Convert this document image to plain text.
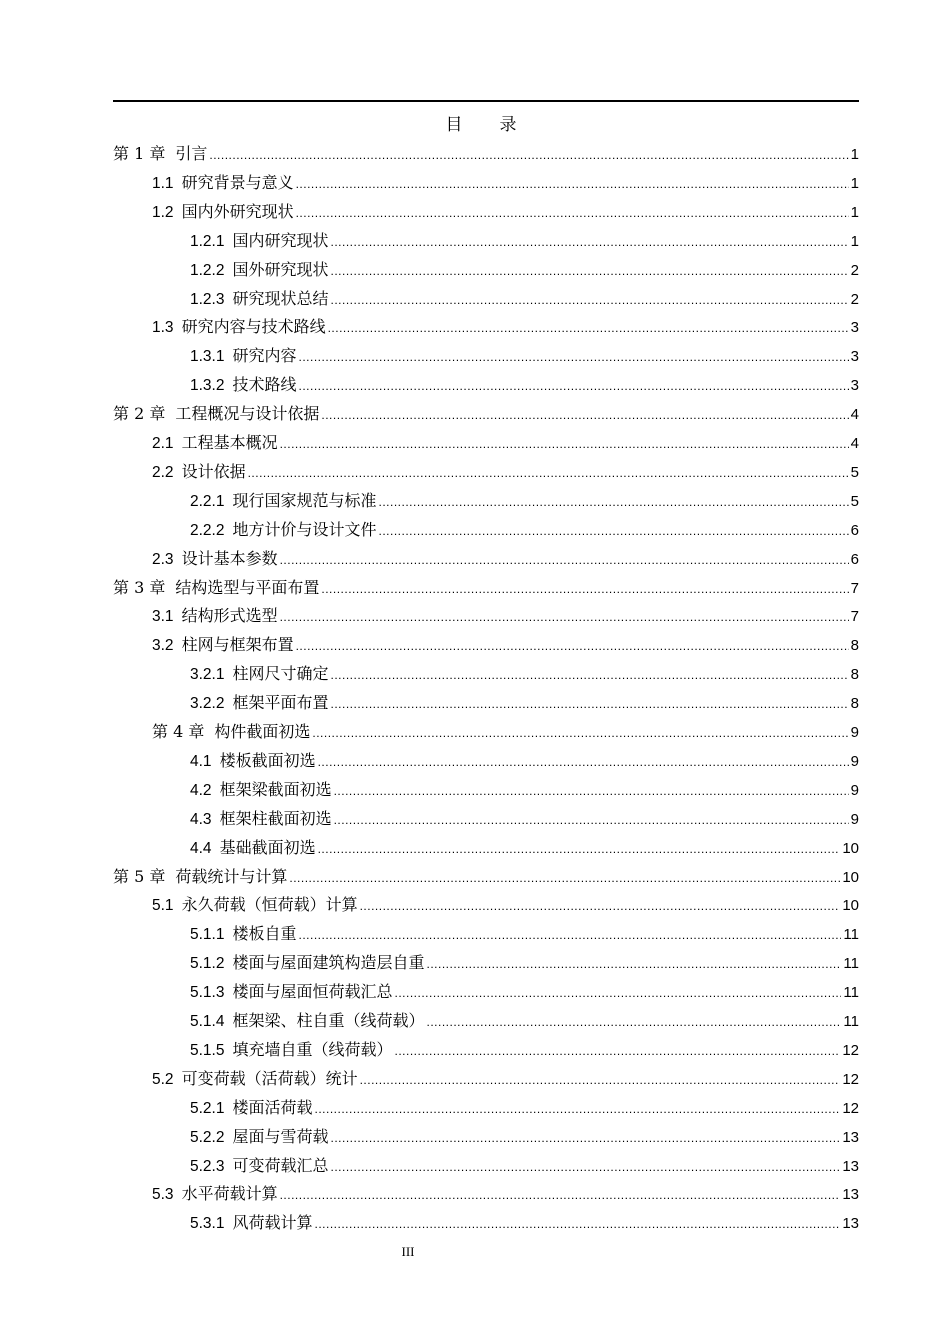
目　录
第 1 章 引言 .....	1
1.1 研究背景与意义 .....	1
1.2 国内外研究现状 .....	1
1.2.1 国内研究现状 .....	1
1.2.2 国外研究现状 .....	2
1.2.3 研究现状总结 .....	2
1.3 研究内容与技术路线 .....	3
1.3.1 研究内容 .....	3
1.3.2 技术路线 .....	3
第 2 章 工程概况与设计依据 .....	4
2.1 工程基本概况 .....	4
2.2 设计依据 .....	5
2.2.1 现行国家规范与标准 .....	5
2.2.2 地方计价与设计文件 .....	6
2.3 设计基本参数 .....	6
第 3 章 结构选型与平面布置 .....	7
3.1 结构形式选型 .....	7
3.2 柱网与框架布置 .....	8
3.2.1 柱网尺寸确定 .....	8
3.2.2 框架平面布置 .....	8
第 4 章 构件截面初选 .....	9
4.1 楼板截面初选 .....	9
4.2 框架梁截面初选 .....	9
4.3 框架柱截面初选 .....	9
4.4 基础截面初选 .....	10
第 5 章 荷载统计与计算 .....	10
5.1 永久荷载（恒荷载）计算 .....	10
5.1.1 楼板自重 .....	11
5.1.2 楼面与屋面建筑构造层自重 .....	11
5.1.3 楼面与屋面恒荷载汇总 .....	11
5.1.4 框架梁、柱自重（线荷载） .....	11
5.1.5 填充墙自重（线荷载） .....	12
5.2 可变荷载（活荷载）统计 .....	12
5.2.1 楼面活荷载 .....	12
5.2.2 屋面与雪荷载 .....	13
5.2.3 可变荷载汇总 .....	13
5.3 水平荷载计算 .....	13
5.3.1 风荷载计算 .....	13
III
